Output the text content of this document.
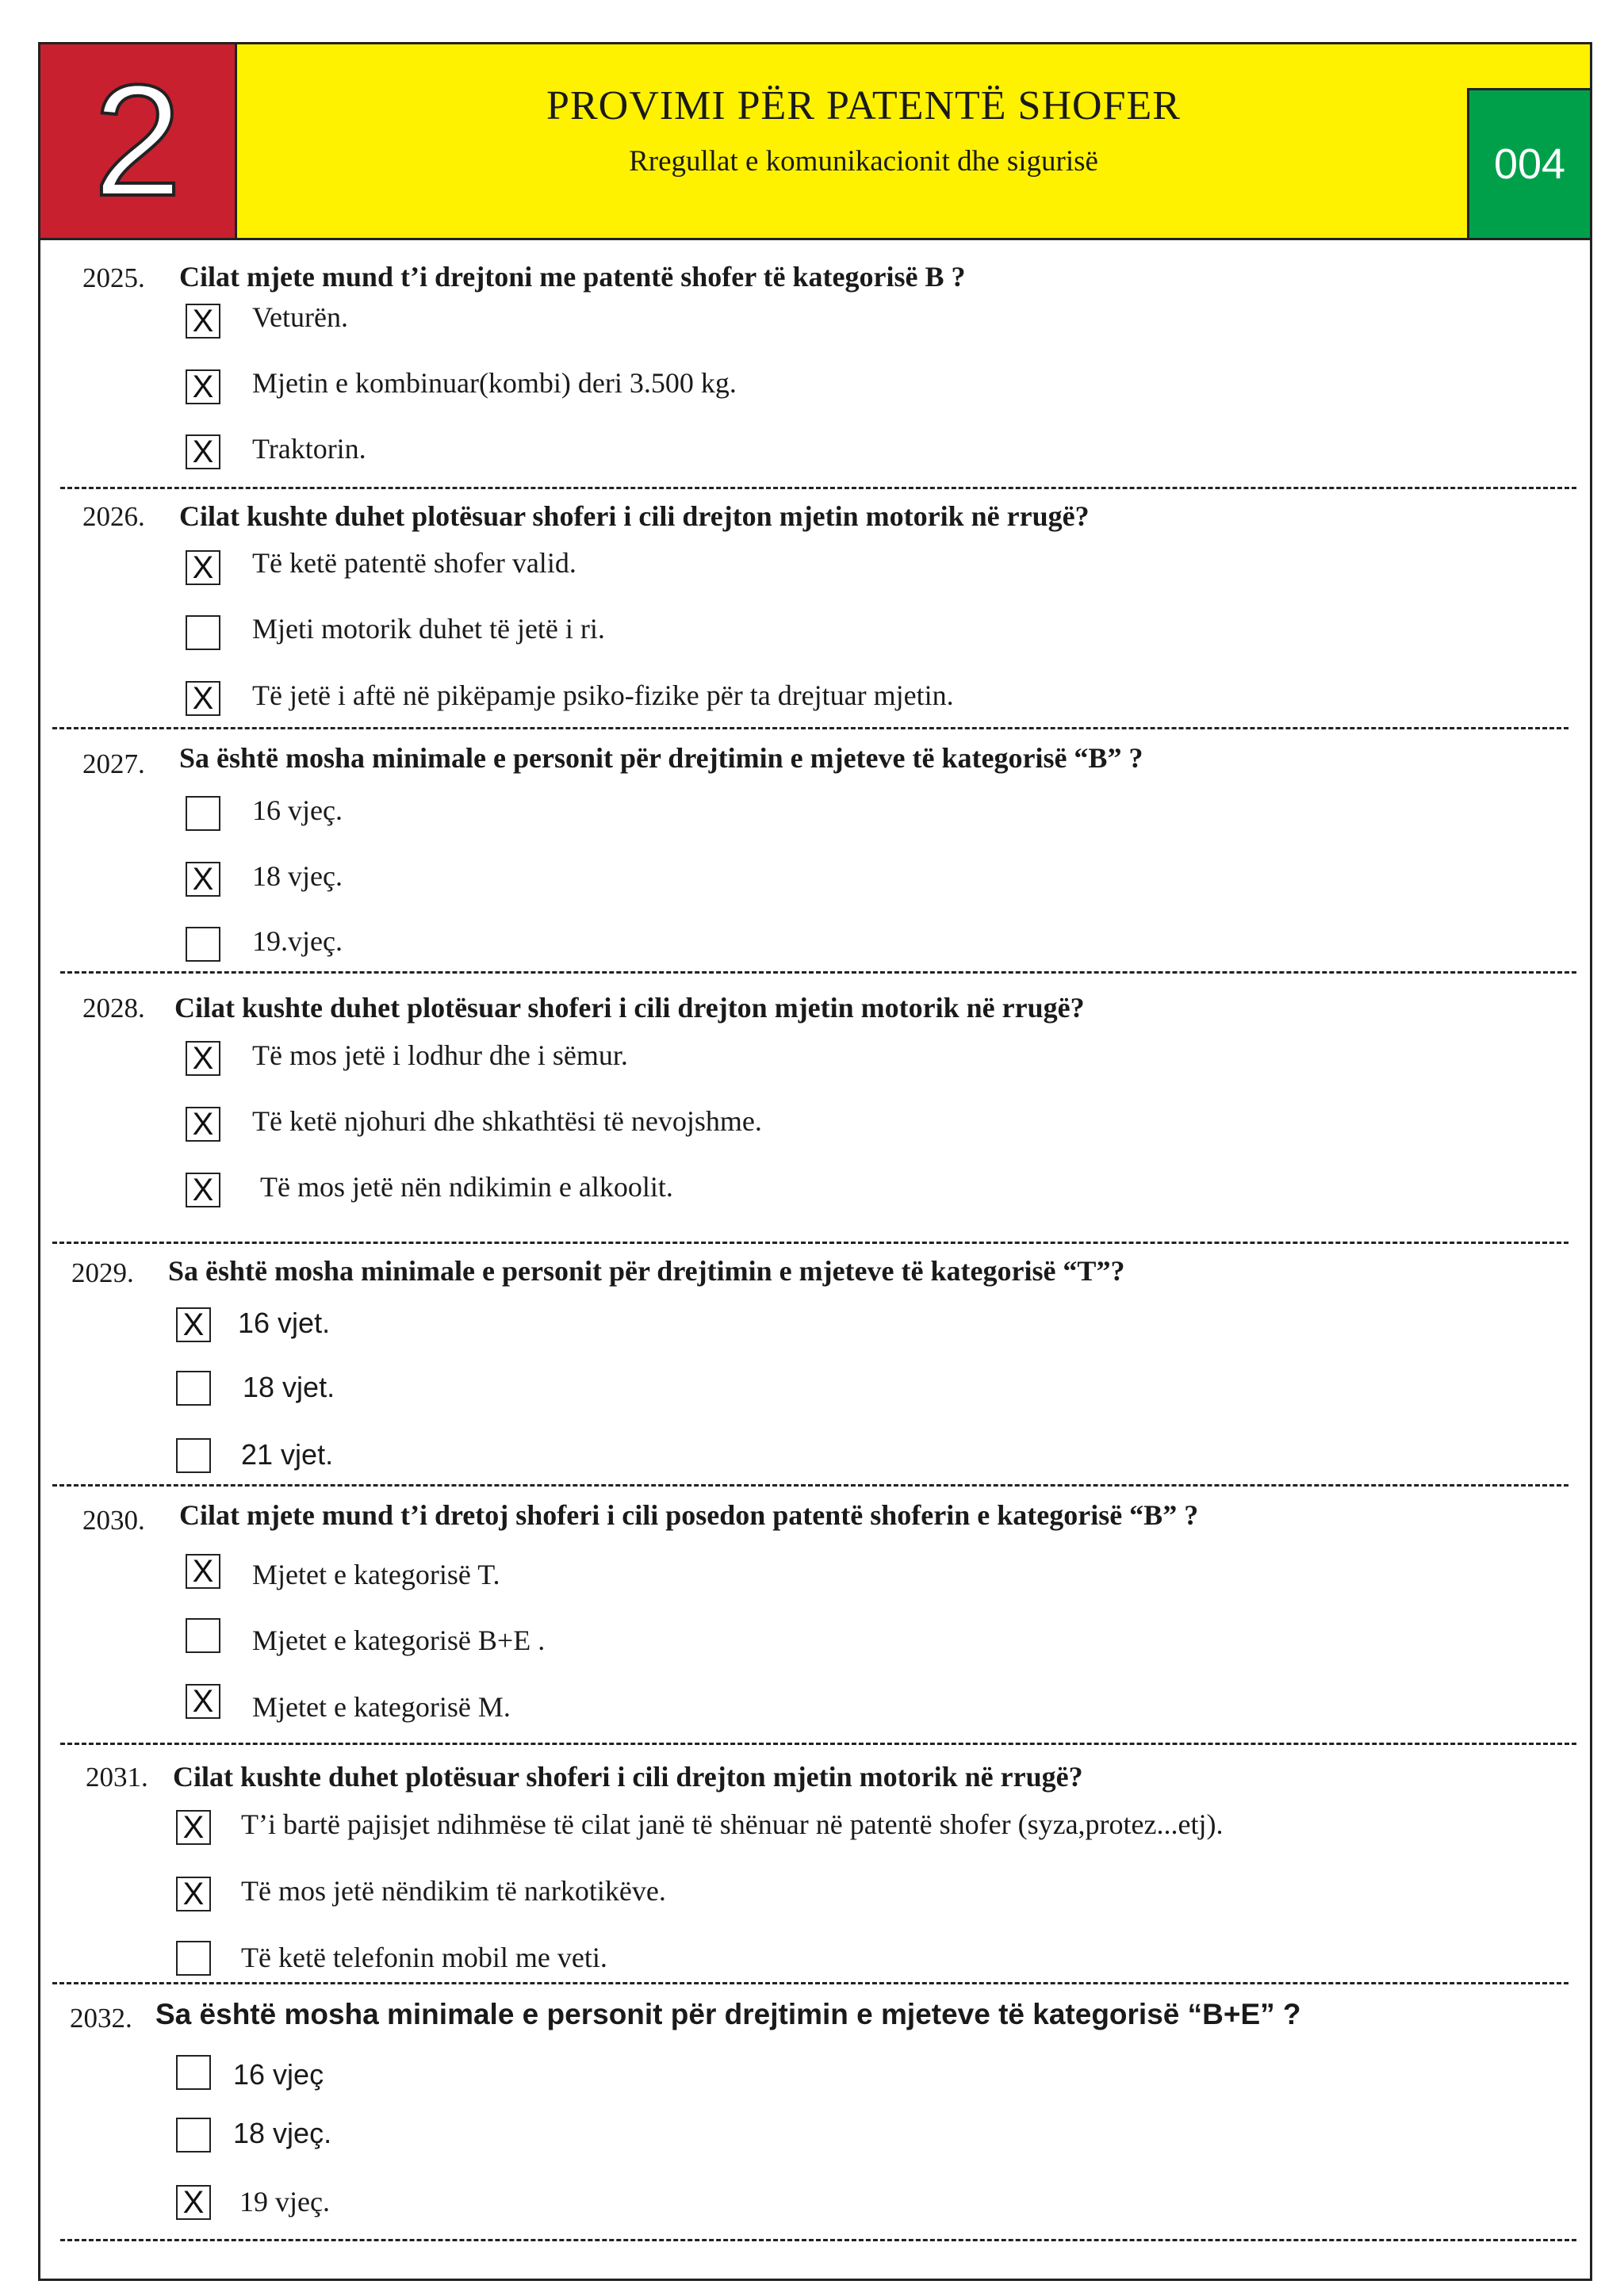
2	PROVIMI PËR PATENTË SHOFER
Rregullat e komunikacionit dhe sigurisë	004
2025. Cilat mjete mund t’i drejtoni me patentë shofer të kategorisë B ?
X Veturën.
X Mjetin e kombinuar(kombi) deri 3.500 kg.
X Traktorin.
2026. Cilat kushte duhet plotësuar shoferi i cili drejton mjetin motorik në rrugë?
X Të ketë patentë shofer valid.
Mjeti motorik duhet të jetë i ri.
X Të jetë i aftë në pikëpamje psiko-fizike për ta drejtuar mjetin.
2027. Sa është mosha minimale e personit për drejtimin e mjeteve të kategorisë “B” ?
16 vjeç.
X 18 vjeç.
19.vjeç.
2028. Cilat kushte duhet plotësuar shoferi i cili drejton mjetin motorik në rrugë?
X Të mos jetë i lodhur dhe i sëmur.
X Të ketë njohuri dhe shkathtësi të nevojshme.
X Të mos jetë nën ndikimin e alkoolit.
2029. Sa është mosha minimale e personit për drejtimin e mjeteve të kategorisë “T”?
X 16 vjet.
18 vjet.
21 vjet.
2030. Cilat mjete mund t’i dretoj shoferi i cili posedon patentë shoferin e kategorisë “B” ?
X Mjetet e kategorisë T.
Mjetet e kategorisë B+E .
X Mjetet e kategorisë M.
2031. Cilat kushte duhet plotësuar shoferi i cili drejton mjetin motorik në rrugë?
X T’i bartë pajisjet ndihmëse të cilat janë të shënuar në patentë shofer (syza,protez...etj).
X Të mos jetë nëndikim të narkotikëve.
Të ketë telefonin mobil me veti.
2032. Sa është mosha minimale e personit për drejtimin e mjeteve të kategorisë “B+E” ?
16 vjeç
18 vjeç.
X 19 vjeç.
